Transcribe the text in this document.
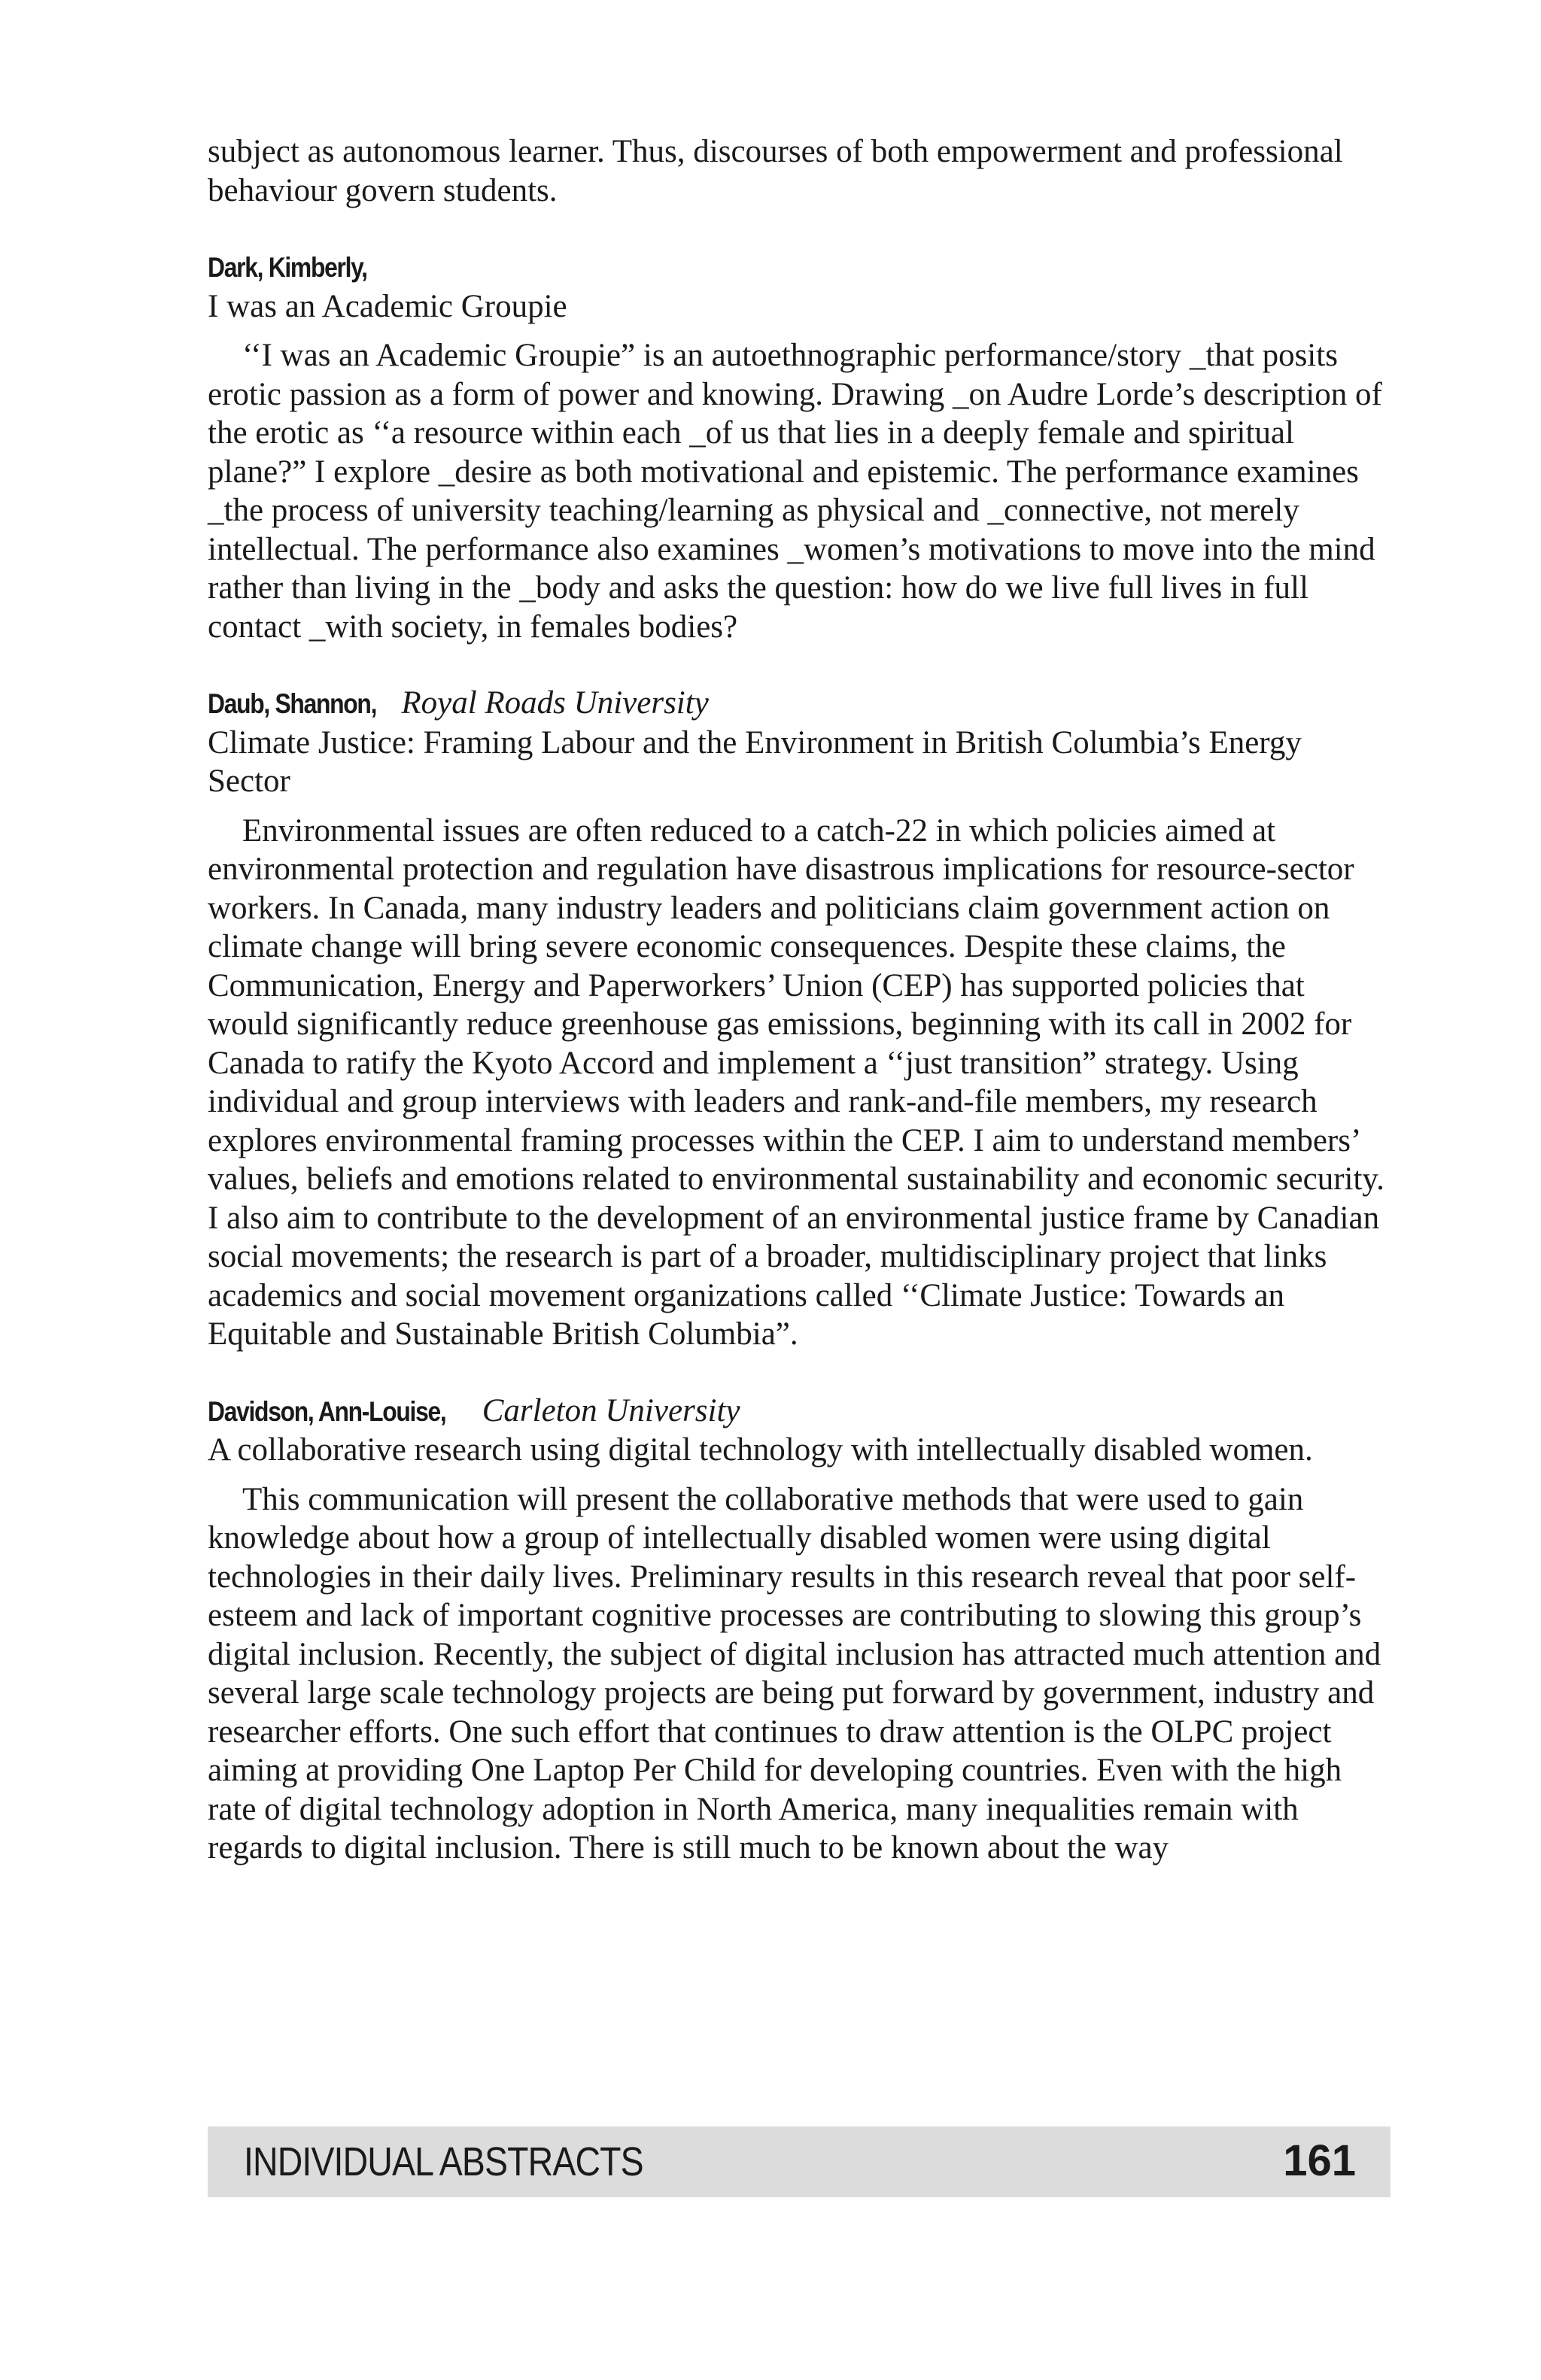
subject as autonomous learner. Thus, discourses of both empowerment and professional behaviour govern students.

Dark, Kimberly,

I was an Academic Groupie

‘‘I was an Academic Groupie” is an autoethnographic performance/story _that posits erotic passion as a form of power and knowing. Drawing _on Audre Lorde’s description of the erotic as ‘‘a resource within each _of us that lies in a deeply female and spiritual plane?” I explore _desire as both motivational and epistemic. The performance examines _the process of university teaching/learning as physical and _connective, not merely intellectual. The performance also examines _women’s motivations to move into the mind rather than living in the _body and asks the question: how do we live full lives in full contact _with society, in females bodies?

Daub, Shannon, Royal Roads University

Climate Justice: Framing Labour and the Environment in British Columbia’s Energy Sector

Environmental issues are often reduced to a catch-22 in which policies aimed at environmental protection and regulation have disastrous implications for resource-sector workers. In Canada, many industry leaders and politicians claim government action on climate change will bring severe economic consequences. Despite these claims, the Communication, Energy and Paperworkers’ Union (CEP) has supported policies that would significantly reduce greenhouse gas emissions, beginning with its call in 2002 for Canada to ratify the Kyoto Accord and implement a ‘‘just transition” strategy. Using individual and group interviews with leaders and rank-and-file members, my research explores environmental framing processes within the CEP. I aim to understand members’ values, beliefs and emotions related to environmental sustainability and economic security. I also aim to contribute to the development of an environmental justice frame by Canadian social movements; the research is part of a broader, multidisciplinary project that links academics and social movement organizations called ‘‘Climate Justice: Towards an Equitable and Sustainable British Columbia”.

Davidson, Ann-Louise, Carleton University

A collaborative research using digital technology with intellectually disabled women.

This communication will present the collaborative methods that were used to gain knowledge about how a group of intellectually disabled women were using digital technologies in their daily lives. Preliminary results in this research reveal that poor self-esteem and lack of important cognitive processes are contributing to slowing this group’s digital inclusion. Recently, the subject of digital inclusion has attracted much attention and several large scale technology projects are being put forward by government, industry and researcher efforts. One such effort that continues to draw attention is the OLPC project aiming at providing One Laptop Per Child for developing countries. Even with the high rate of digital technology adoption in North America, many inequalities remain with regards to digital inclusion. There is still much to be known about the way

INDIVIDUAL ABSTRACTS	161
